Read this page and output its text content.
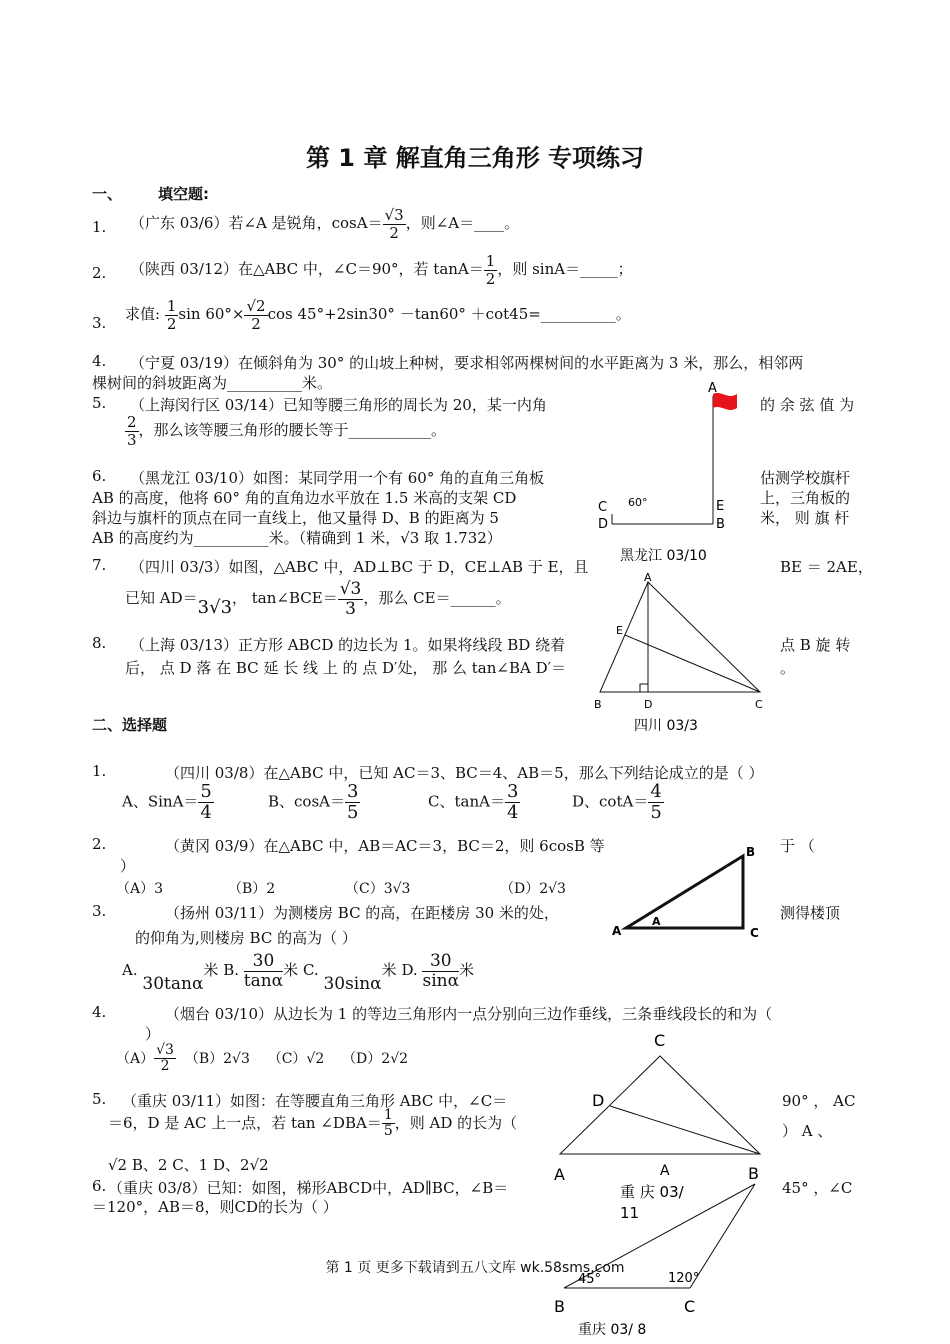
第 1 章 解直角三角形 专项练习
一、 填空题:
1. （广东 03/6）若∠A 是锐角，$\cos A= \frac{√3}{2}$ ，则∠A＝____。
2. （陕西 03/12）在△ABC 中，∠C＝90°，若 $\tan A= \frac{1}{2}$ ，则 sinA＝_____；
3. 求值: $\frac{1}{2}$ $\sin 60^\circ\times \frac{√2}{2}$ cos 45°+2sin30° －tan60° ＋cot45=__________。
4. （宁夏 03/19）在倾斜角为 30° 的山坡上种树，要求相邻两棵树间的水平距离为 3 米，那么，相邻两
棵树间的斜坡距离为__________米。
5. （上海闵行区 03/14）已知等腰三角形的周长为 20，某一内角	的 余 弦 值 为
$\frac{2}{3}$ ，那么该等腰三角形的腰长等于___________。
6. （黑龙江 03/10）如图：某同学用一个有 60° 角的直角三角板	估测学校旗杆
AB 的高度，他将 60° 角的直角边水平放在 1.5 米高的支架 CD	上，三角板的
斜边与旗杆的顶点在同一直线上，他又量得 D、B 的距离为 5	米， 则 旗 杆
AB 的高度约为__________米。（精确到 1 米，√3 取 1.732）
7. （四川 03/3）如图，△ABC 中，AD⊥BC 于 D，CE⊥AB 于 E，且	BE ＝ 2AE，
已知 AD＝3√3， tan∠BCE＝ $\frac{√3}{3}$ ，那么 CE＝______。
8. （上海 03/13）正方形 ABCD 的边长为 1。如果将线段 BD 绕着	点 B 旋 转
后， 点 D 落 在 BC 延 长 线 上 的 点 D′处， 那 么 tan∠BA D′＝	。
二、选择题
1.	（四川 03/8）在△ABC 中，已知 AC＝3、BC＝4、AB＝5，那么下列结论成立的是（ ）
A、SinA＝ $\frac{5}{4}$	B、$\cos A= \frac{3}{5}$	C、$\tan A= \frac{3}{4}$	D、$\cot A= \frac{4}{5}$
2.	（黄冈 03/9）在△ABC 中，AB＝AC＝3，BC＝2，则 6cosB 等	于 （
）
（A）3	（B）2	（C）3√3	（D）2√3
3.	（扬州 03/11）为测楼房 BC 的高，在距楼房 30 米的处，	测得楼顶
的仰角为,则楼房 BC 的高为（ ）
A. 30tanα米 B. $\frac{30}{\tan\alpha}$ 米 C. 30sinα米 D. $\frac{30}{\sin\alpha}$ 米
4.	（烟台 03/10）从边长为 1 的等边三角形内一点分别向三边作垂线，三条垂线段长的和为（
）
$(A) \frac{√3}{2} (B)2√3$ （C）√2 （D）2√2
5. （重庆 03/11）如图：在等腰直角三角形 ABC 中，∠C＝	90° ， AC
＝6，D 是 AC 上一点，若 tan ∠DBA＝ $\frac{1}{5}$ ，则 AD 的长为（	） A 、
√2 B、2 C、1 D、2√2
6. （重庆 03/8）已知：如图，梯形ABCD中，AD∥BC，∠B＝	45° ，∠C
＝120°，AB＝8，则CD的长为（ ）
A
C
D
E
B
60°
黑龙江 03/10
A
E
B	D	C
四川 03/3
A
B
C
A
C
D
A	B
A
重 庆 03/
11
45°	120°
B	C
重庆 03/ 8
第 1 页 更多下载请到五八文库 wk.58sms.com
